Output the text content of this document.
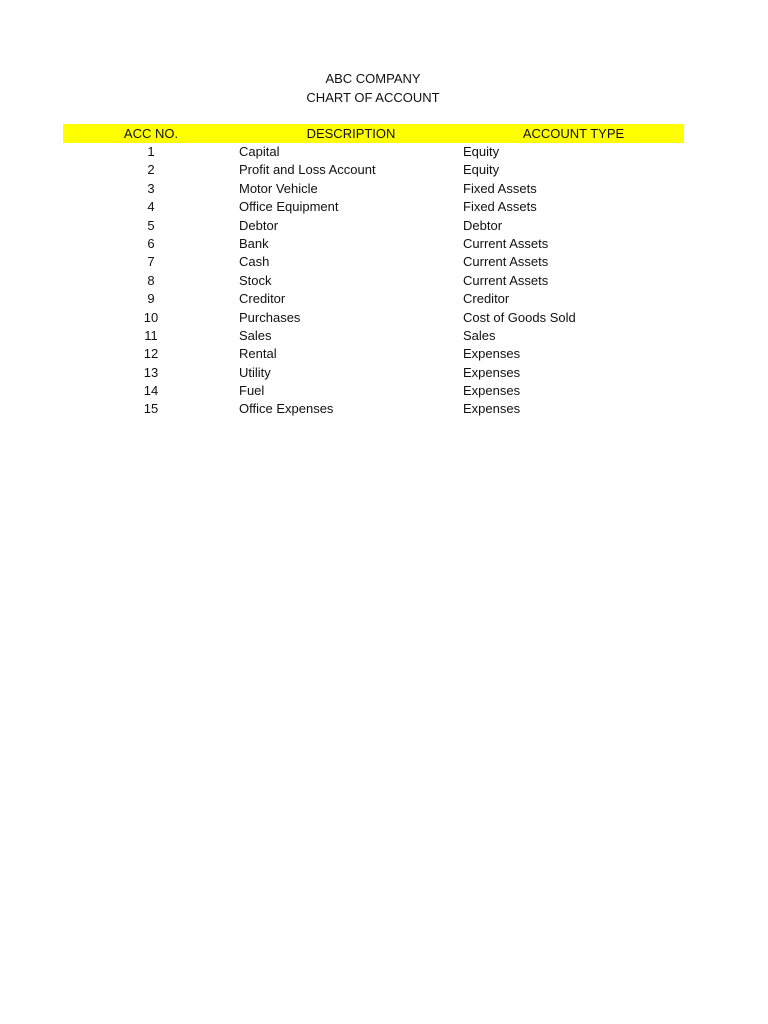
ABC COMPANY
CHART OF ACCOUNT
ACC NO.	DESCRIPTION	ACCOUNT TYPE
1	Capital	Equity
2	Profit and Loss Account	Equity
3	Motor Vehicle	Fixed Assets
4	Office Equipment	Fixed Assets
5	Debtor	Debtor
6	Bank	Current Assets
7	Cash	Current Assets
8	Stock	Current Assets
9	Creditor	Creditor
10	Purchases	Cost of Goods Sold
11	Sales	Sales
12	Rental	Expenses
13	Utility	Expenses
14	Fuel	Expenses
15	Office Expenses	Expenses
